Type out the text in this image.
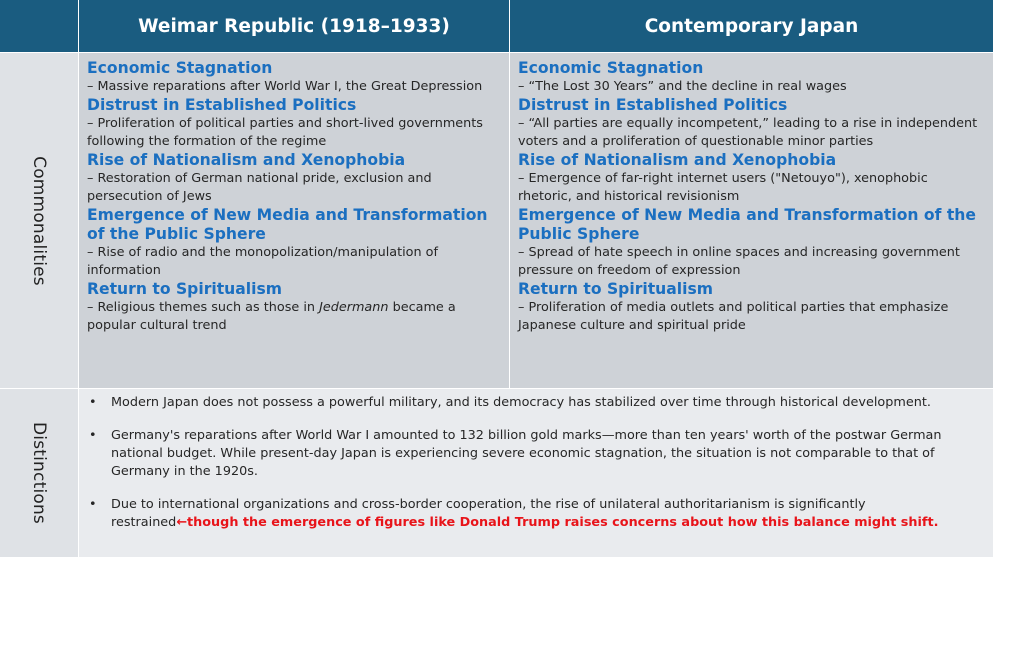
Weimar Republic (1918–1933)	Contemporary Japan
Commonalities
Distinctions
Economic Stagnation
– Massive reparations after World War I, the Great Depression
Distrust in Established Politics
– Proliferation of political parties and short-lived governments following the formation of the regime
Rise of Nationalism and Xenophobia
– Restoration of German national pride, exclusion and persecution of Jews
Emergence of New Media and Transformation of the Public Sphere
– Rise of radio and the monopolization/manipulation of information
Return to Spiritualism
– Religious themes such as those in Jedermann became a popular cultural trend
Economic Stagnation
– “The Lost 30 Years” and the decline in real wages
Distrust in Established Politics
– “All parties are equally incompetent,” leading to a rise in independent voters and a proliferation of questionable minor parties
Rise of Nationalism and Xenophobia
– Emergence of far-right internet users ("Netouyo"), xenophobic rhetoric, and historical revisionism
Emergence of New Media and Transformation of the Public Sphere
– Spread of hate speech in online spaces and increasing government pressure on freedom of expression
Return to Spiritualism
– Proliferation of media outlets and political parties that emphasize Japanese culture and spiritual pride
• Modern Japan does not possess a powerful military, and its democracy has stabilized over time through historical development.
• Germany's reparations after World War I amounted to 132 billion gold marks—more than ten years' worth of the postwar German national budget. While present-day Japan is experiencing severe economic stagnation, the situation is not comparable to that of Germany in the 1920s.
• Due to international organizations and cross-border cooperation, the rise of unilateral authoritarianism is significantly restrained←though the emergence of figures like Donald Trump raises concerns about how this balance might shift.
